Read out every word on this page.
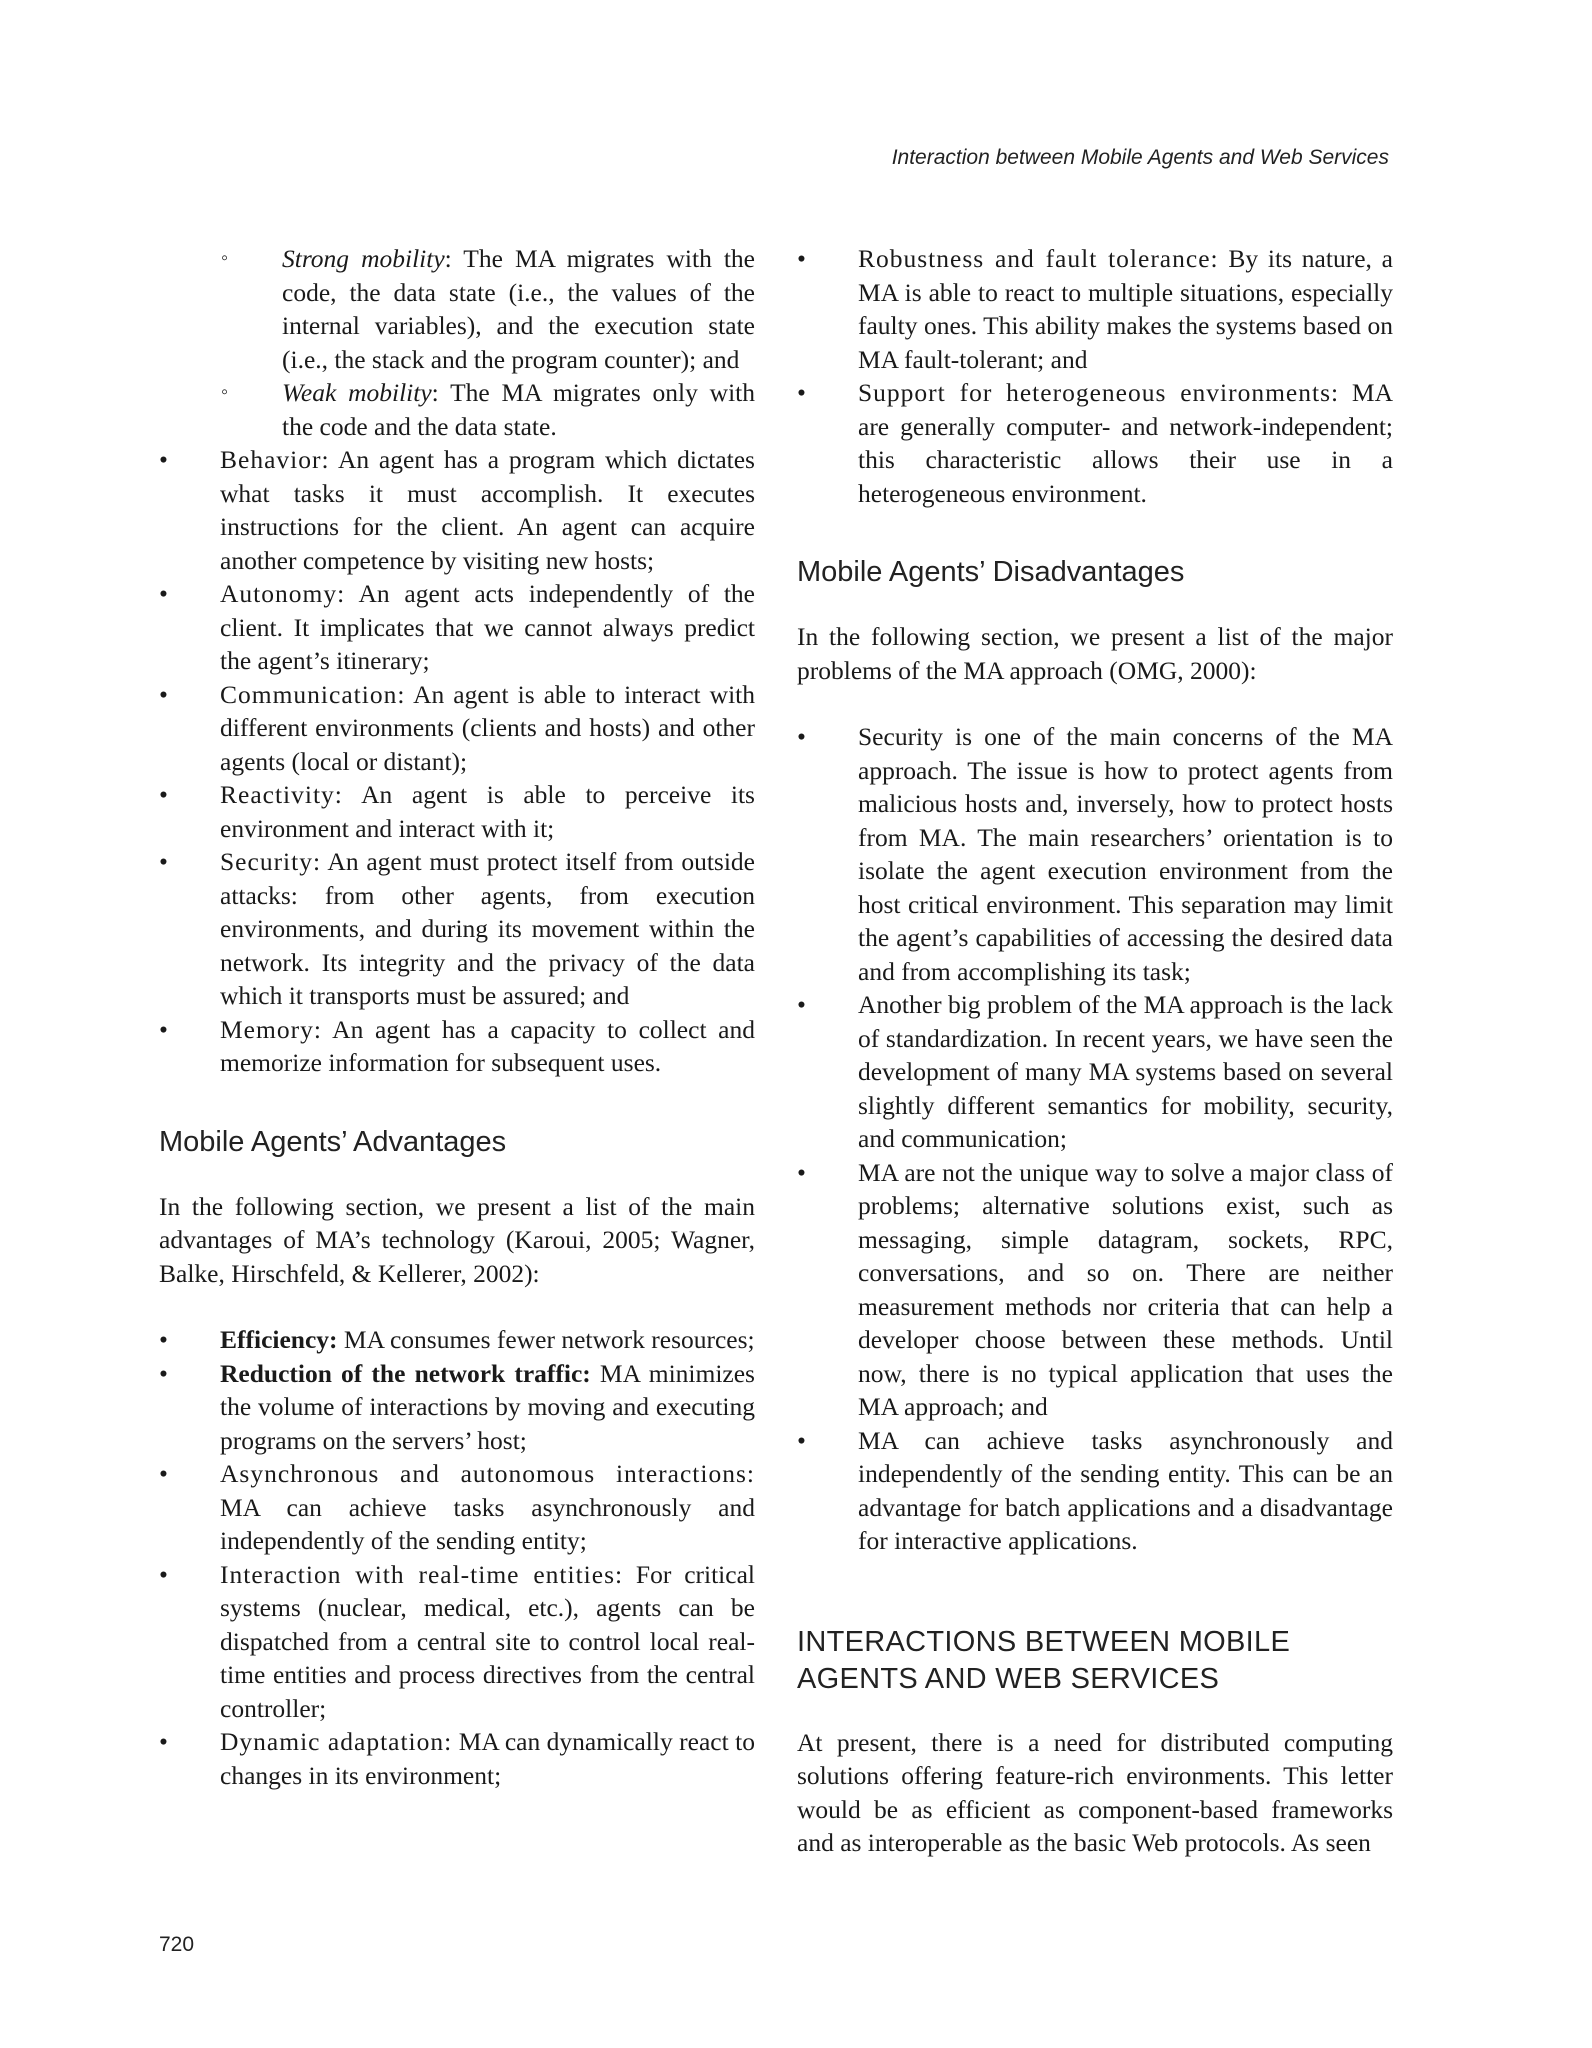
Interaction between Mobile Agents and Web Services
◦ Strong mobility: The MA migrates with the code, the data state (i.e., the values of the internal variables), and the execution state (i.e., the stack and the program counter); and
◦ Weak mobility: The MA migrates only with the code and the data state.
• Behavior: An agent has a program which dictates what tasks it must accomplish. It executes instructions for the client. An agent can acquire another competence by visiting new hosts;
• Autonomy: An agent acts independently of the client. It implicates that we cannot always predict the agent’s itinerary;
• Communication: An agent is able to interact with different environments (clients and hosts) and other agents (local or distant);
• Reactivity: An agent is able to perceive its environment and interact with it;
• Security: An agent must protect itself from outside attacks: from other agents, from execution environments, and during its movement within the network. Its integrity and the privacy of the data which it transports must be assured; and
• Memory: An agent has a capacity to collect and memorize information for subsequent uses.
Mobile Agents’ Advantages

In the following section, we present a list of the main advantages of MA’s technology (Karoui, 2005; Wagner, Balke, Hirschfeld, & Kellerer, 2002):

• Efficiency: MA consumes fewer network resources;
• Reduction of the network traffic: MA minimizes the volume of interactions by moving and executing programs on the servers’ host;
• Asynchronous and autonomous interactions: MA can achieve tasks asynchronously and independently of the sending entity;
• Interaction with real-time entities: For critical systems (nuclear, medical, etc.), agents can be dispatched from a central site to control local real-time entities and process directives from the central controller;
• Dynamic adaptation: MA can dynamically react to changes in its environment;
• Robustness and fault tolerance: By its nature, a MA is able to react to multiple situations, especially faulty ones. This ability makes the systems based on MA fault-tolerant; and
• Support for heterogeneous environments: MA are generally computer- and network-independent; this characteristic allows their use in a heterogeneous environment.
Mobile Agents’ Disadvantages

In the following section, we present a list of the major problems of the MA approach (OMG, 2000):

• Security is one of the main concerns of the MA approach. The issue is how to protect agents from malicious hosts and, inversely, how to protect hosts from MA. The main researchers’ orientation is to isolate the agent execution environment from the host critical environment. This separation may limit the agent’s capabilities of accessing the desired data and from accomplishing its task;
• Another big problem of the MA approach is the lack of standardization. In recent years, we have seen the development of many MA systems based on several slightly different semantics for mobility, security, and communication;
• MA are not the unique way to solve a major class of problems; alternative solutions exist, such as messaging, simple datagram, sockets, RPC, conversations, and so on. There are neither measurement methods nor criteria that can help a developer choose between these methods. Until now, there is no typical application that uses the MA approach; and
• MA can achieve tasks asynchronously and independently of the sending entity. This can be an advantage for batch applications and a disadvantage for interactive applications.
INTERACTIONS BETWEEN MOBILE
AGENTS AND WEB SERVICES

At present, there is a need for distributed computing solutions offering feature-rich environments. This letter would be as efficient as component-based frameworks and as interoperable as the basic Web protocols. As seen

720
